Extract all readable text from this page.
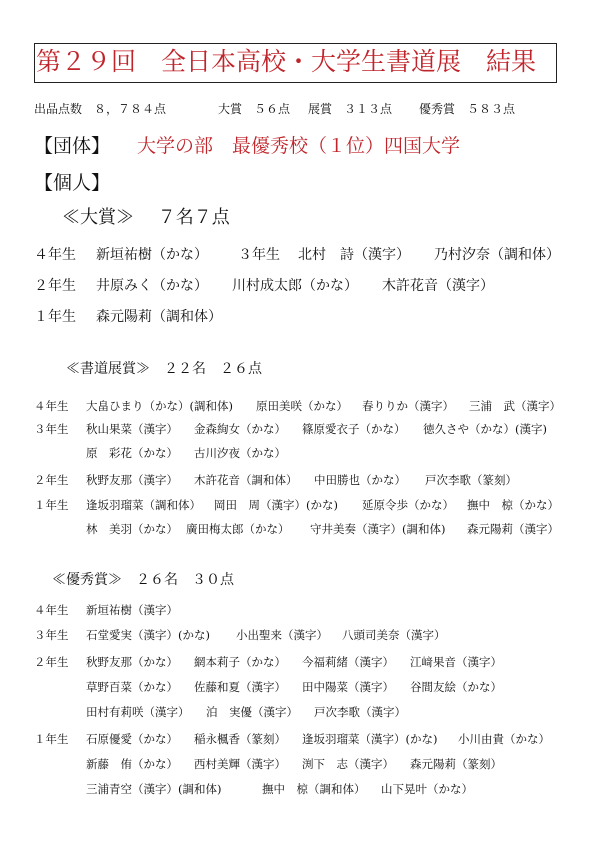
第２９回　全日本高校・大学生書道展　結果
出品点数　８，７８４点	大賞　５６点 展賞　３１３点 優秀賞　５８３点
【団体】 大学の部　最優秀校（１位）四国大学
【個人】
≪大賞≫　 ７名７点
４年生 新垣祐樹（かな） ３年生 北村　詩（漢字） 乃村汐奈（調和体）
２年生 井原みく（かな） 川村成太郎（かな） 木許花音（漢字）
１年生 森元陽莉（調和体）
≪書道展賞≫　２２名　２６点
４年生 大畠ひまり（かな）(調和体) 原田美咲（かな） 春りりか（漢字） 三浦　武（漢字）
３年生 秋山果菜（漢字） 金森絢女（かな） 篠原愛衣子（かな） 徳久さや（かな）(漢字)
原　彩花（かな） 古川汐夜（かな）
２年生 秋野友那（漢字） 木許花音（調和体） 中田勝也（かな） 戸次李歌（篆刻）
１年生 逢坂羽瑠菜（調和体） 岡田　周（漢字）(かな) 延原令歩（かな） 撫中　椋（かな）
林　美羽（かな） 廣田梅太郎（かな） 守井美奏（漢字）(調和体) 森元陽莉（漢字）
≪優秀賞≫　２６名　３０点
４年生 新垣祐樹（漢字）
３年生 石堂愛実（漢字）(かな) 小出聖来（漢字） 八頭司美奈（漢字）
２年生 秋野友那（かな） 網本莉子（かな） 今福莉緒（漢字） 江﨑果音（漢字）
草野百菜（かな） 佐藤和夏（漢字） 田中陽菜（漢字） 谷間友絵（かな）
田村有莉咲（漢字） 泊　実優（漢字） 戸次李歌（漢字）
１年生 石原優愛（かな） 稲永楓香（篆刻） 逢坂羽瑠菜（漢字）(かな) 小川由貴（かな）
新藤　侑（かな） 西村美輝（漢字） 渕下　志（漢字） 森元陽莉（篆刻）
三浦青空（漢字）(調和体)	撫中　椋（調和体） 山下晃叶（かな）
